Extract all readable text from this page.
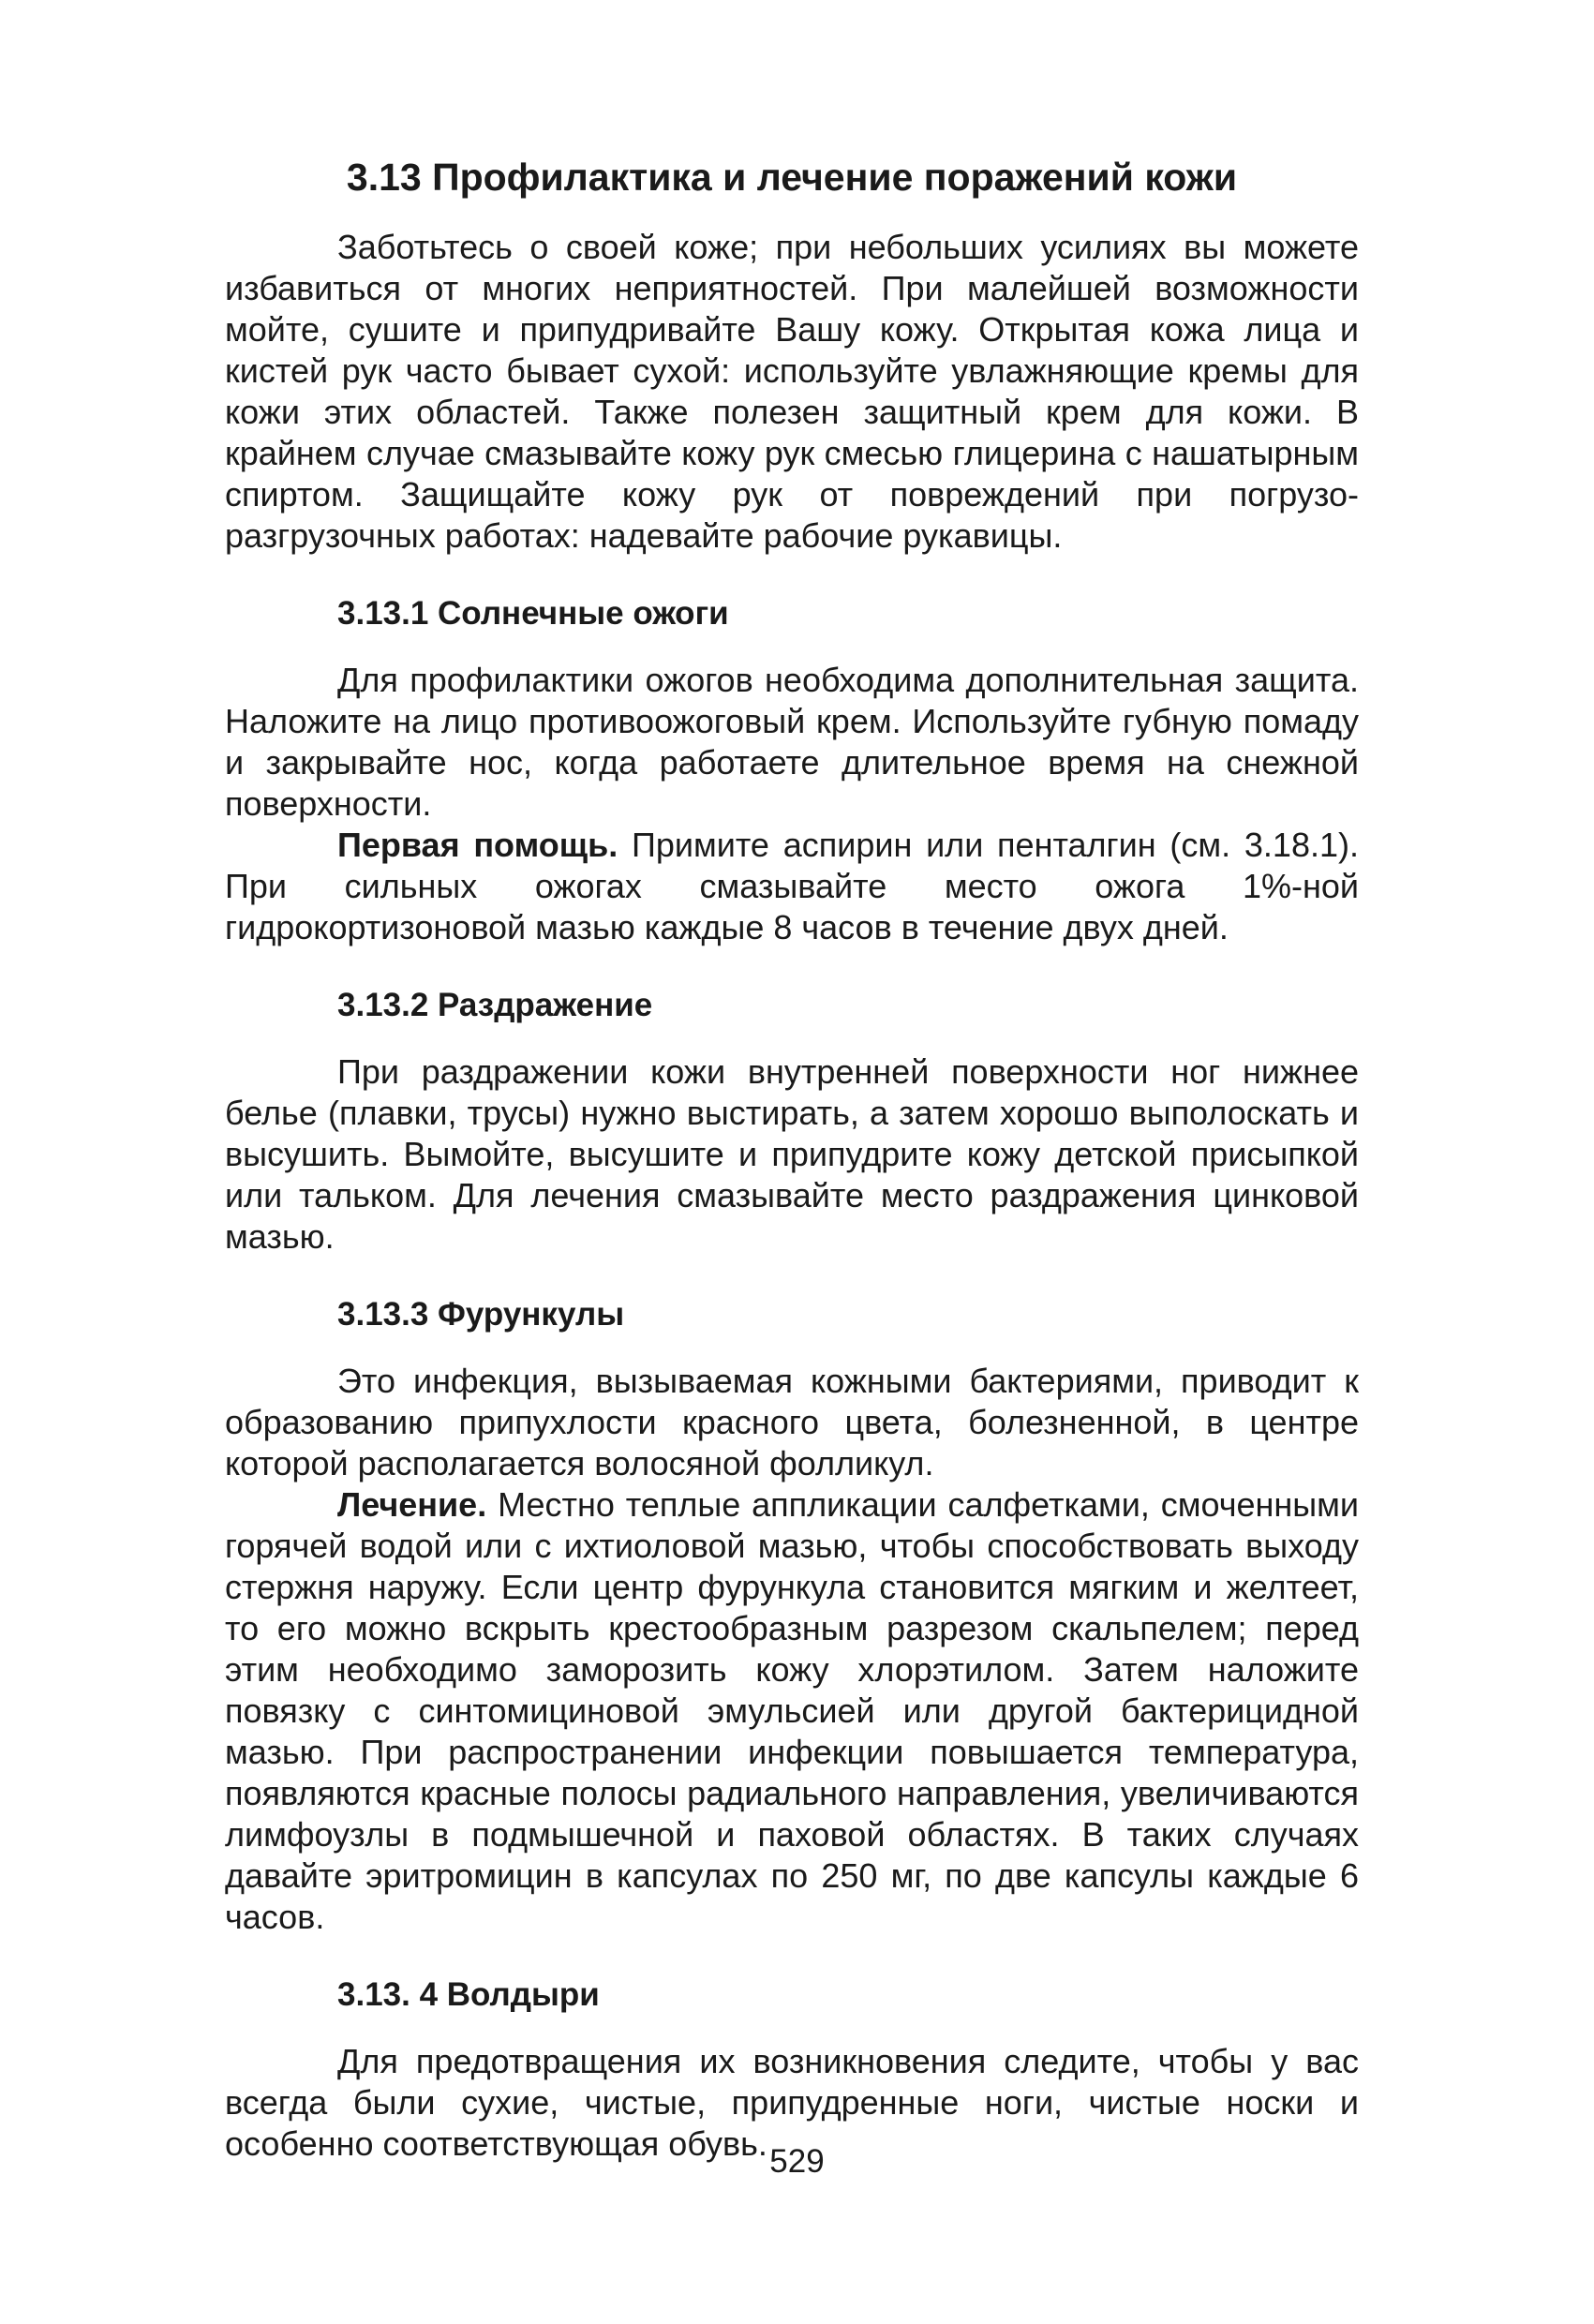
3.13 Профилактика и лечение поражений кожи

Заботьтесь о своей коже; при небольших усилиях вы можете избавиться от многих неприятностей. При малейшей возможности мойте, сушите и припудривайте Вашу кожу. Открытая кожа лица и кистей рук часто бывает сухой: используйте увлажняющие кремы для кожи этих областей. Также полезен защитный крем для кожи. В крайнем случае смазывайте кожу рук смесью глицерина с нашатырным спиртом. Защищайте кожу рук от повреждений при погрузо-разгрузочных работах: надевайте рабочие рукавицы.

3.13.1 Солнечные ожоги

Для профилактики ожогов необходима дополнительная защита. Наложите на лицо противоожоговый крем. Используйте губную помаду и закрывайте нос, когда работаете длительное время на снежной поверхности.

Первая помощь. Примите аспирин или пенталгин (см. 3.18.1). При сильных ожогах смазывайте место ожога 1%-ной гидрокортизоновой мазью каждые 8 часов в течение двух дней.

3.13.2 Раздражение

При раздражении кожи внутренней поверхности ног нижнее белье (плавки, трусы) нужно выстирать, а затем хорошо выполоскать и высушить. Вымойте, высушите и припудрите кожу детской присыпкой или тальком. Для лечения смазывайте место раздражения цинковой мазью.

3.13.3 Фурункулы

Это инфекция, вызываемая кожными бактериями, приводит к образованию припухлости красного цвета, болезненной, в центре которой располагается волосяной фолликул.

Лечение. Местно теплые аппликации салфетками, смоченными горячей водой или с ихтиоловой мазью, чтобы способствовать выходу стержня наружу. Если центр фурункула становится мягким и желтеет, то его можно вскрыть крестообразным разрезом скальпелем; перед этим необходимо заморозить кожу хлорэтилом. Затем наложите повязку с синтомициновой эмульсией или другой бактерицидной мазью. При распространении инфекции повышается температура, появляются красные полосы радиального направления, увеличиваются лимфоузлы в подмышечной и паховой областях. В таких случаях давайте эритромицин в капсулах по 250 мг, по две капсулы каждые 6 часов.

3.13. 4 Волдыри

Для предотвращения их возникновения следите, чтобы у вас всегда были сухие, чистые, припудренные ноги, чистые носки и особенно соответствующая обувь. 529
